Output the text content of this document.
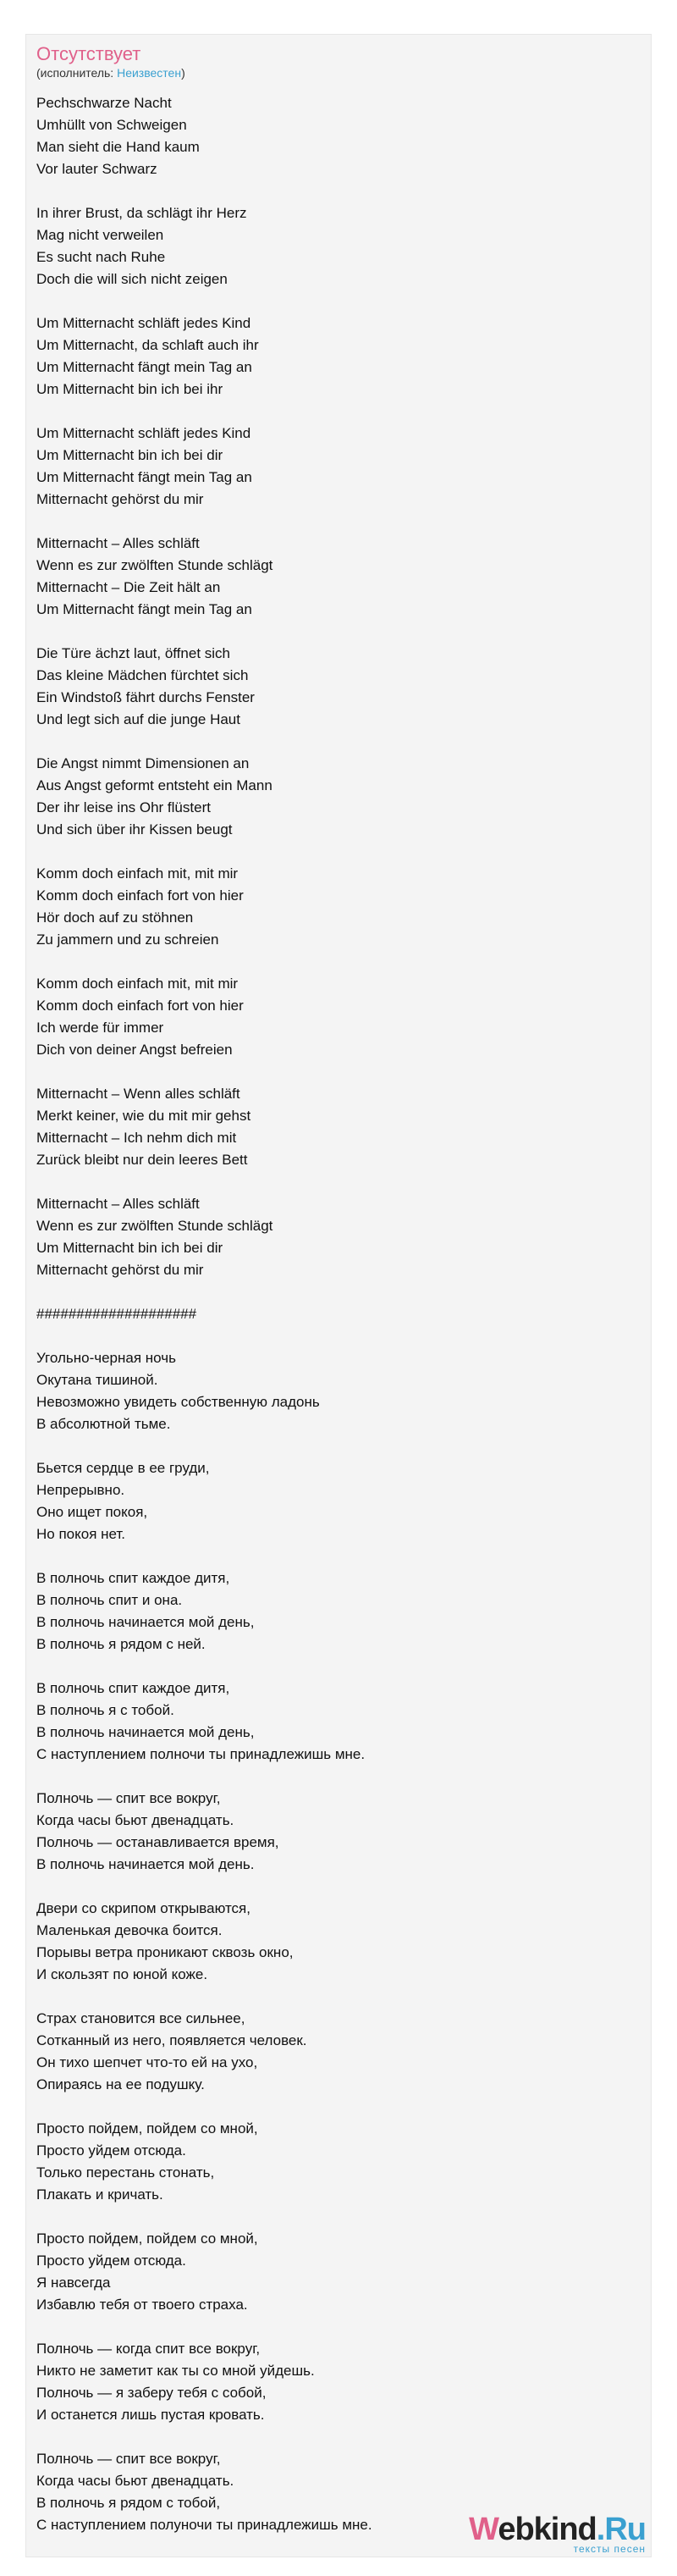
Отсутствует
(исполнитель: Неизвестен)
Pechschwarze Nacht
Umhüllt von Schweigen
Man sieht die Hand kaum
Vor lauter Schwarz
In ihrer Brust, da schlägt ihr Herz
Mag nicht verweilen
Es sucht nach Ruhe
Doch die will sich nicht zeigen
Um Mitternacht schläft jedes Kind
Um Mitternacht, da schlaft auch ihr
Um Mitternacht fängt mein Tag an
Um Mitternacht bin ich bei ihr
Um Mitternacht schläft jedes Kind
Um Mitternacht bin ich bei dir
Um Mitternacht fängt mein Tag an
Mitternacht gehörst du mir
Mitternacht – Alles schläft
Wenn es zur zwölften Stunde schlägt
Mitternacht – Die Zeit hält an
Um Mitternacht fängt mein Tag an
Die Türe ächzt laut, öffnet sich
Das kleine Mädchen fürchtet sich
Ein Windstoß fährt durchs Fenster
Und legt sich auf die junge Haut
Die Angst nimmt Dimensionen an
Aus Angst geformt entsteht ein Mann
Der ihr leise ins Ohr flüstert
Und sich über ihr Kissen beugt
Komm doch einfach mit, mit mir
Komm doch einfach fort von hier
Hör doch auf zu stöhnen
Zu jammern und zu schreien
Komm doch einfach mit, mit mir
Komm doch einfach fort von hier
Ich werde für immer
Dich von deiner Angst befreien
Mitternacht – Wenn alles schläft
Merkt keiner, wie du mit mir gehst
Mitternacht – Ich nehm dich mit
Zurück bleibt nur dein leeres Bett
Mitternacht – Alles schläft
Wenn es zur zwölften Stunde schlägt
Um Mitternacht bin ich bei dir
Mitternacht gehörst du mir
####################
Угольно-черная ночь
Окутана тишиной.
Невозможно увидеть собственную ладонь
В абсолютной тьме.
Бьется сердце в ее груди,
Непрерывно.
Оно ищет покоя,
Но покоя нет.
В полночь спит каждое дитя,
В полночь спит и она.
В полночь начинается мой день,
В полночь я рядом с ней.
В полночь спит каждое дитя,
В полночь я с тобой.
В полночь начинается мой день,
С наступлением полночи ты принадлежишь мне.
Полночь — спит все вокруг,
Когда часы бьют двенадцать.
Полночь — останавливается время,
В полночь начинается мой день.
Двери со скрипом открываются,
Маленькая девочка боится.
Порывы ветра проникают сквозь окно,
И скользят по юной коже.
Страх становится все сильнее,
Сотканный из него, появляется человек.
Он тихо шепчет что-то ей на ухо,
Опираясь на ее подушку.
Просто пойдем, пойдем со мной,
Просто уйдем отсюда.
Только перестань стонать,
Плакать и кричать.
Просто пойдем, пойдем со мной,
Просто уйдем отсюда.
Я навсегда
Избавлю тебя от твоего страха.
Полночь — когда спит все вокруг,
Никто не заметит как ты со мной уйдешь.
Полночь — я заберу тебя с собой,
И останется лишь пустая кровать.
Полночь — спит все вокруг,
Когда часы бьют двенадцать.
В полночь я рядом с тобой,
С наступлением полуночи ты принадлежишь мне.	Webkind.Ru
тексты песен
